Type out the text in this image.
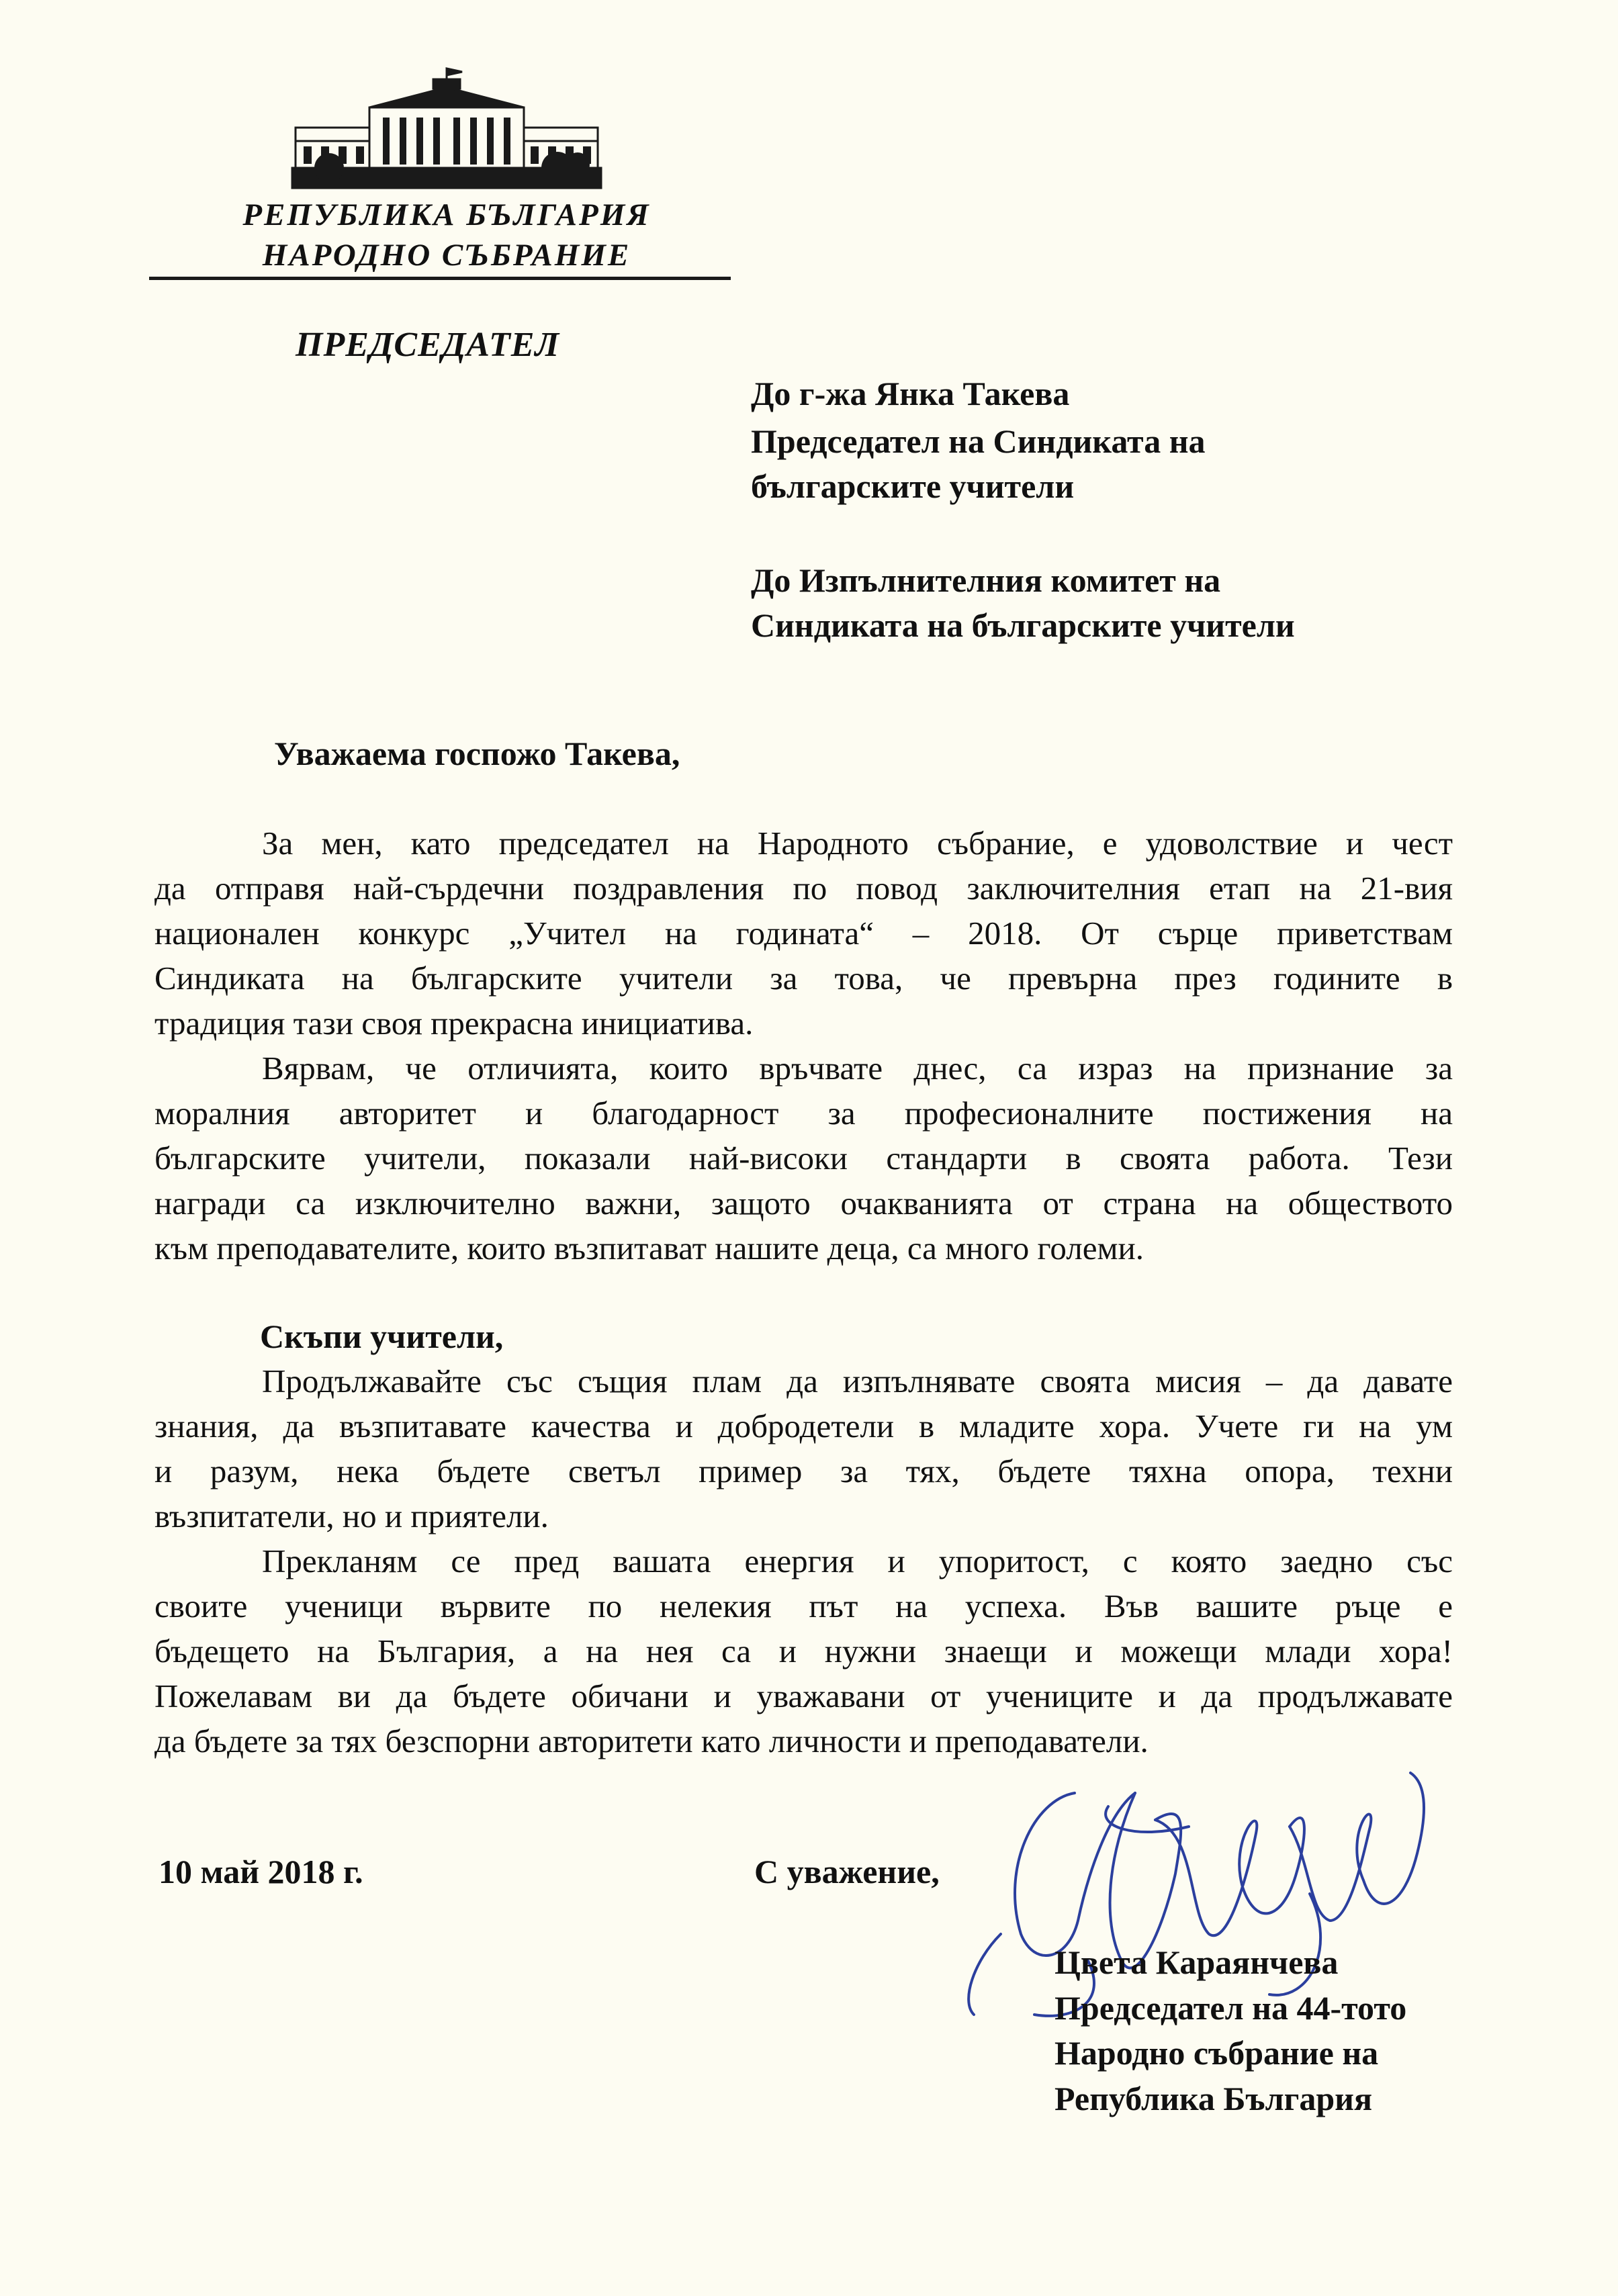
РЕПУБЛИКА БЪЛГАРИЯ
НАРОДНО СЪБРАНИЕ
ПРЕДСЕДАТЕЛ
До г-жа Янка Такева
Председател на Синдиката на
българските учители
До Изпълнителния комитет на
Синдиката на българските учители
Уважаема госпожо Такева,
За мен, като председател на Народното събрание, е удоволствие и чест
да отправя най-сърдечни поздравления по повод заключителния етап на 21-вия
национален конкурс „Учител на годината“ – 2018. От сърце приветствам
Синдиката на българските учители за това, че превърна през годините в
традиция тази своя прекрасна инициатива.
Вярвам, че отличията, които връчвате днес, са израз на признание за
моралния авторитет и благодарност за професионалните постижения на
българските учители, показали най-високи стандарти в своята работа. Тези
награди са изключително важни, защото очакванията от страна на обществото
към преподавателите, които възпитават нашите деца, са много големи.
Скъпи учители,
Продължавайте със същия плам да изпълнявате своята мисия – да давате
знания, да възпитавате качества и добродетели в младите хора. Учете ги на ум
и разум, нека бъдете светъл пример за тях, бъдете тяхна опора, техни
възпитатели, но и приятели.
Прекланям се пред вашата енергия и упоритост, с която заедно със
своите ученици вървите по нелекия път на успеха. Във вашите ръце е
бъдещето на България, а на нея са и нужни знаещи и можещи млади хора!
Пожелавам ви да бъдете обичани и уважавани от учениците и да продължавате
да бъдете за тях безспорни авторитети като личности и преподаватели.
10 май 2018 г.	С уважение,
Цвета Караянчева
Председател на 44-тото
Народно събрание на
Република България
